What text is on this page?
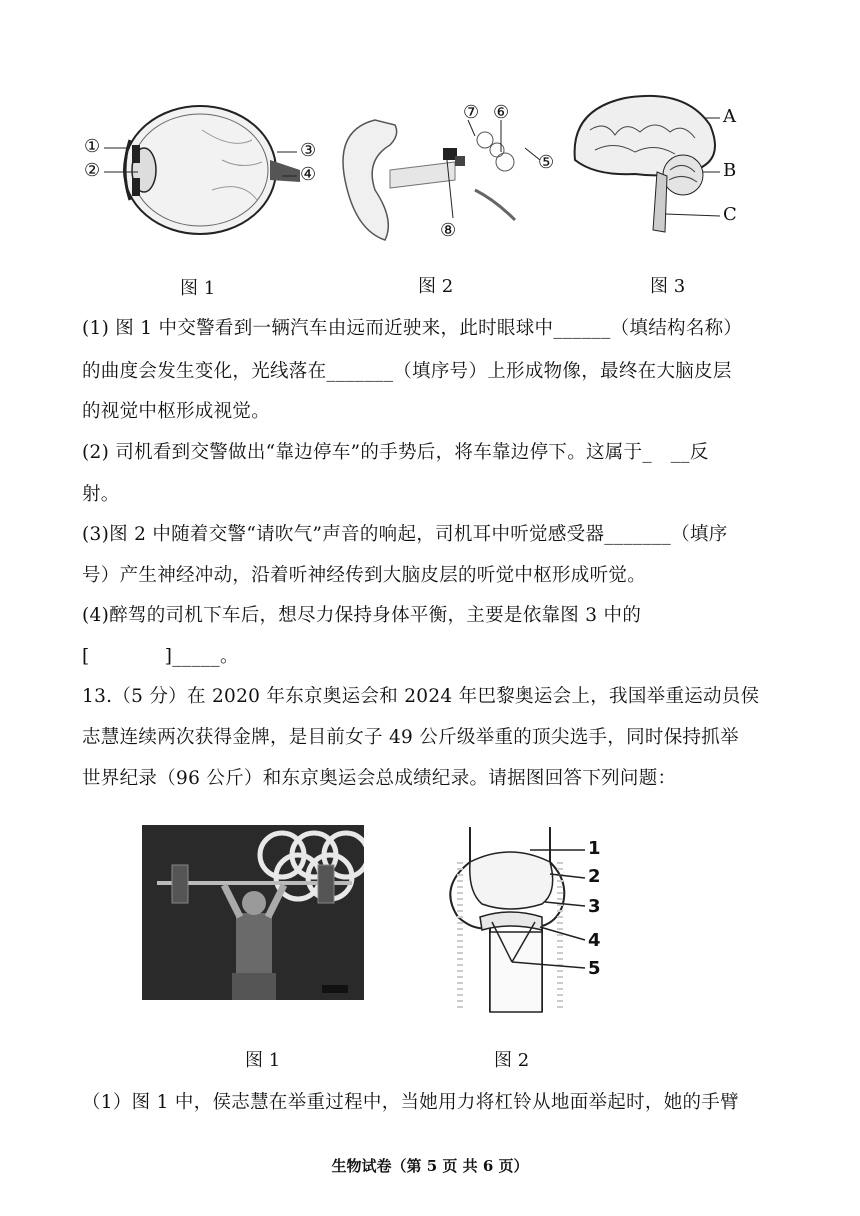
①
②
③
④
图 1
⑦ ⑥
⑤
⑧
图 2
A
B
C
图 3
(1) 图 1 中交警看到一辆汽车由远而近驶来，此时眼球中______（填结构名称）
的曲度会发生变化，光线落在_______（填序号）上形成物像，最终在大脑皮层
的视觉中枢形成视觉。
(2) 司机看到交警做出“靠边停车”的手势后，将车靠边停下。这属于_　__反
射。
(3)图 2 中随着交警“请吹气”声音的响起，司机耳中听觉感受器_______（填序
号）产生神经冲动，沿着听神经传到大脑皮层的听觉中枢形成听觉。
(4)醉驾的司机下车后，想尽力保持身体平衡，主要是依靠图 3 中的
[　　　　]_____。
13.（5 分）在 2020 年东京奥运会和 2024 年巴黎奥运会上，我国举重运动员侯
志慧连续两次获得金牌，是目前女子 49 公斤级举重的顶尖选手，同时保持抓举
世界纪录（96 公斤）和东京奥运会总成绩纪录。请据图回答下列问题：
图 1
1
2
3
4
5
图 2
（1）图 1 中，侯志慧在举重过程中，当她用力将杠铃从地面举起时，她的手臂
生物试卷（第 5 页 共 6 页）
